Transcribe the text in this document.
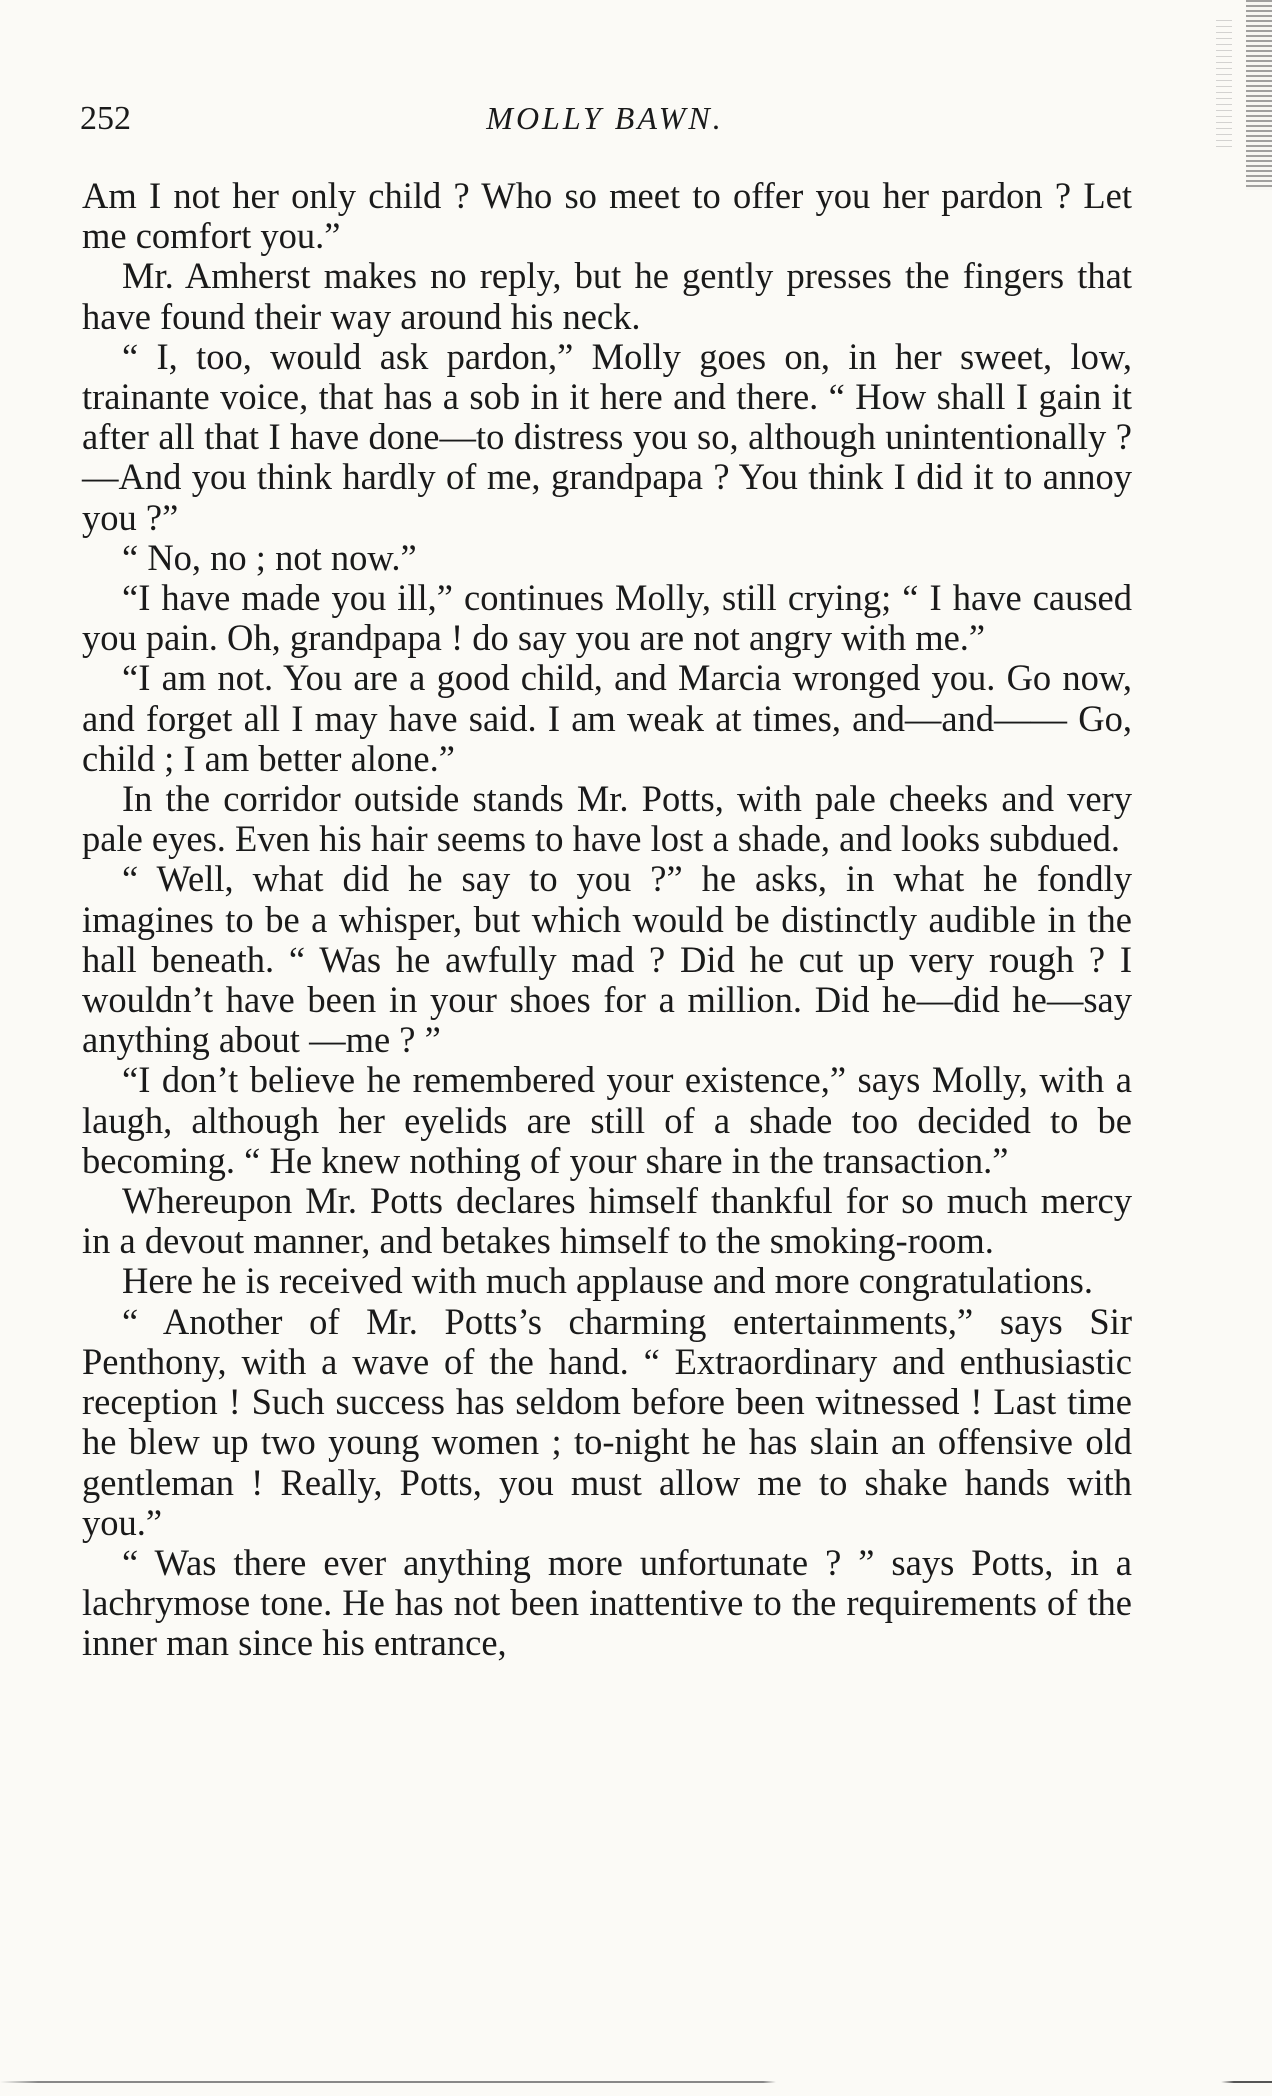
252	MOLLY BAWN.

Am I not her only child ? Who so meet to offer you her pardon ? Let me comfort you.”

Mr. Amherst makes no reply, but he gently presses the fingers that have found their way around his neck.

“ I, too, would ask pardon,” Molly goes on, in her sweet, low, trainante voice, that has a sob in it here and there. “ How shall I gain it after all that I have done—to distress you so, although unintentionally ?—And you think hardly of me, grandpapa ? You think I did it to annoy you ?”

“ No, no ; not now.”

“I have made you ill,” continues Molly, still crying; “ I have caused you pain. Oh, grandpapa ! do say you are not angry with me.”

“I am not. You are a good child, and Marcia wronged you. Go now, and forget all I may have said. I am weak at times, and—and—— Go, child ; I am better alone.”

In the corridor outside stands Mr. Potts, with pale cheeks and very pale eyes. Even his hair seems to have lost a shade, and looks subdued.

“ Well, what did he say to you ?” he asks, in what he fondly imagines to be a whisper, but which would be distinctly audible in the hall beneath. “ Was he awfully mad ? Did he cut up very rough ? I wouldn’t have been in your shoes for a million. Did he—did he—say anything about —me ? ”

“I don’t believe he remembered your existence,” says Molly, with a laugh, although her eyelids are still of a shade too decided to be becoming. “ He knew nothing of your share in the transaction.”

Whereupon Mr. Potts declares himself thankful for so much mercy in a devout manner, and betakes himself to the smoking-room.

Here he is received with much applause and more congratulations.

“ Another of Mr. Potts’s charming entertainments,” says Sir Penthony, with a wave of the hand. “ Extraordinary and enthusiastic reception ! Such success has seldom before been witnessed ! Last time he blew up two young women ; to-night he has slain an offensive old gentleman ! Really, Potts, you must allow me to shake hands with you.”

“ Was there ever anything more unfortunate ? ” says Potts, in a lachrymose tone. He has not been inattentive to the requirements of the inner man since his entrance,
